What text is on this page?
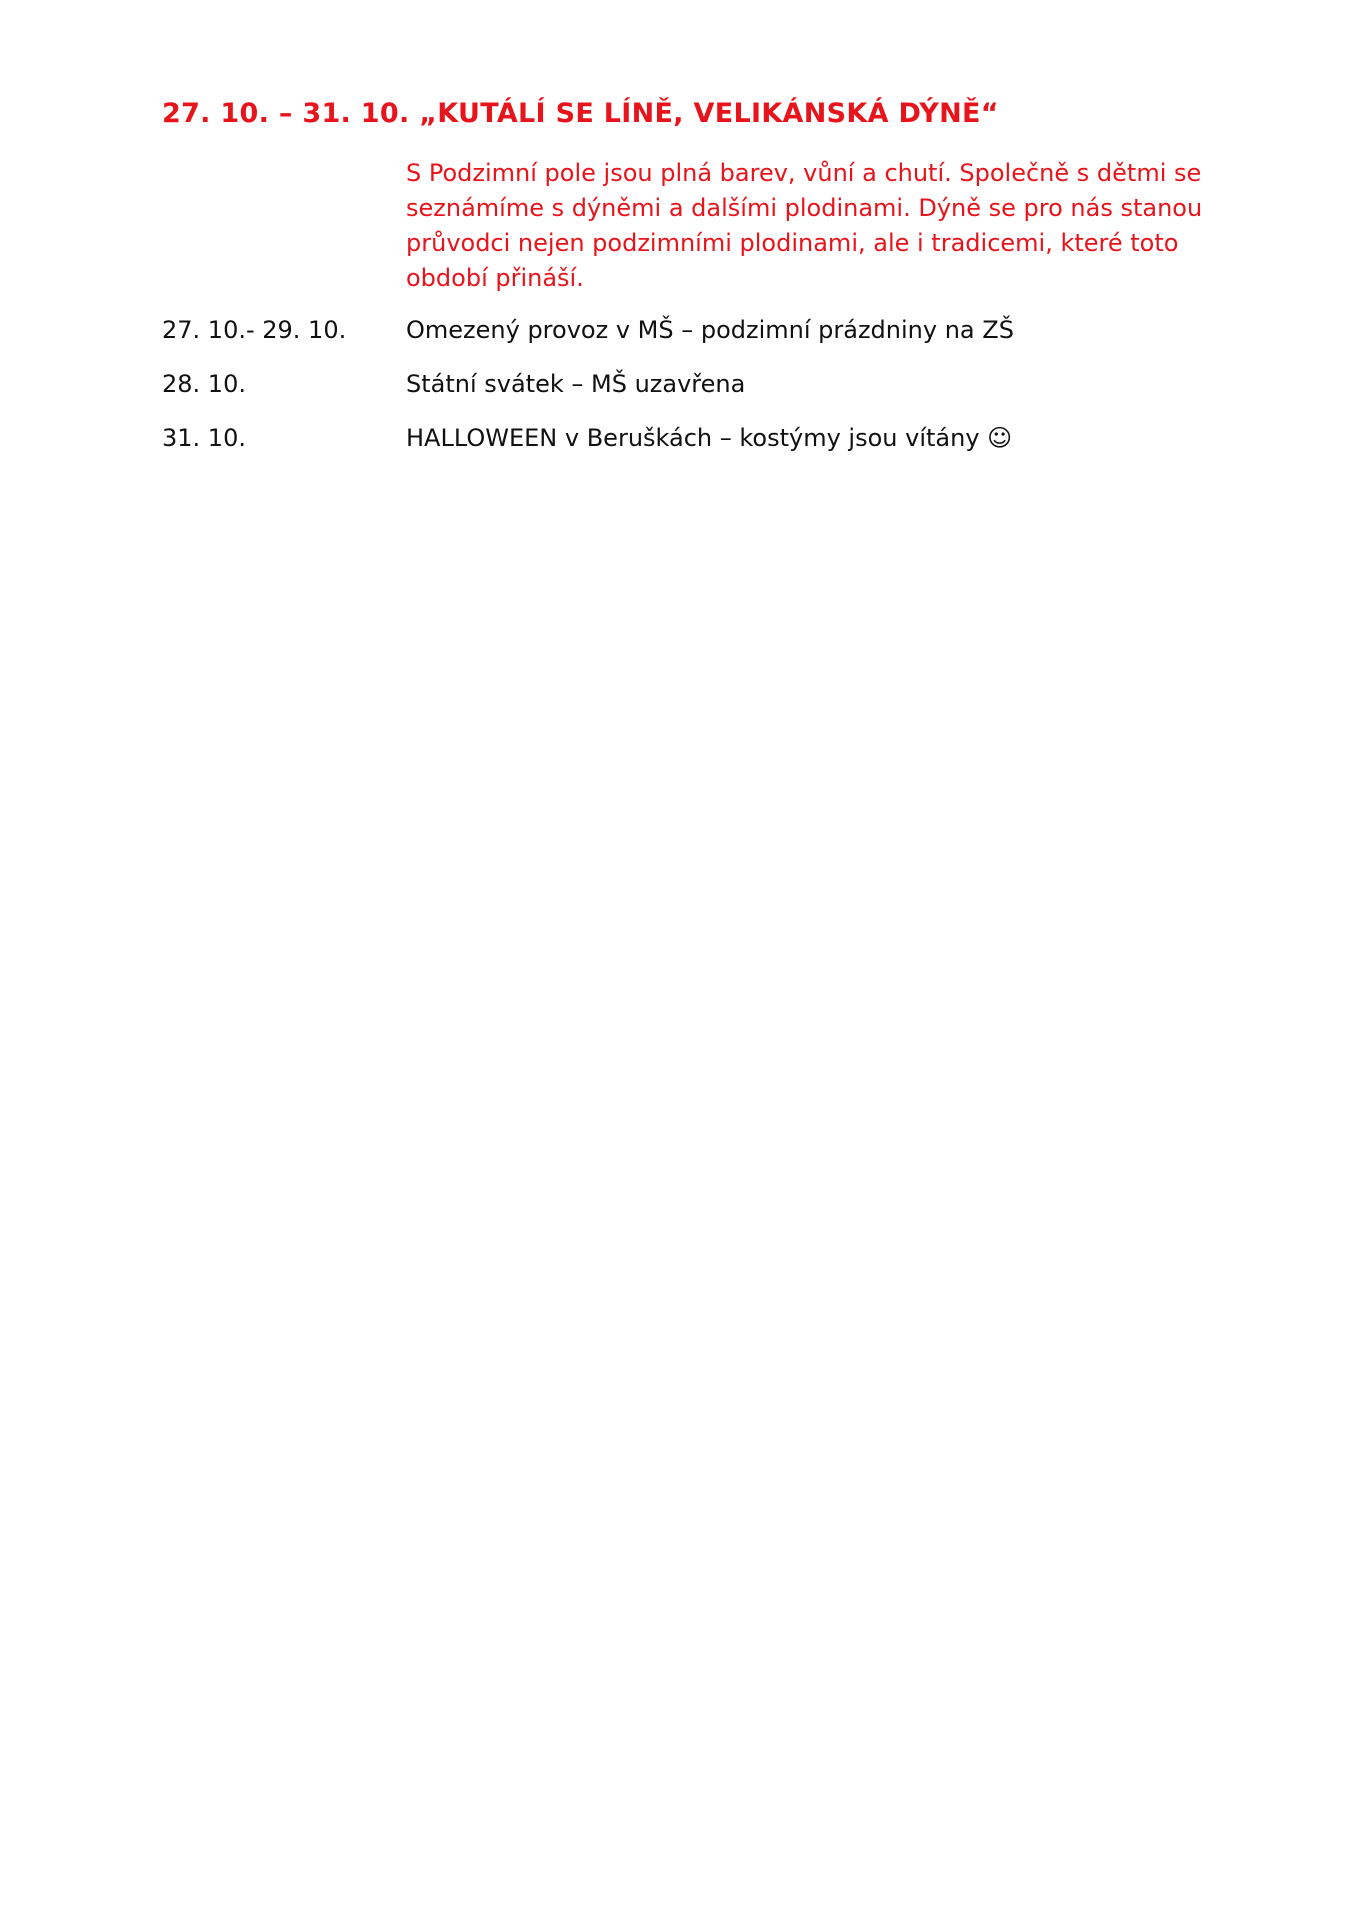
27. 10. – 31. 10. „KUTÁLÍ SE LÍNĚ, VELIKÁNSKÁ DÝNĚ“
S Podzimní pole jsou plná barev, vůní a chutí. Společně s dětmi se
seznámíme s dýněmi a dalšími plodinami. Dýně se pro nás stanou
průvodci nejen podzimními plodinami, ale i tradicemi, které toto
období přináší.
27. 10.- 29. 10. Omezený provoz v MŠ – podzimní prázdniny na ZŠ
28. 10.	Státní svátek – MŠ uzavřena
31. 10.	HALLOWEEN v Beruškách – kostýmy jsou vítány ☺
